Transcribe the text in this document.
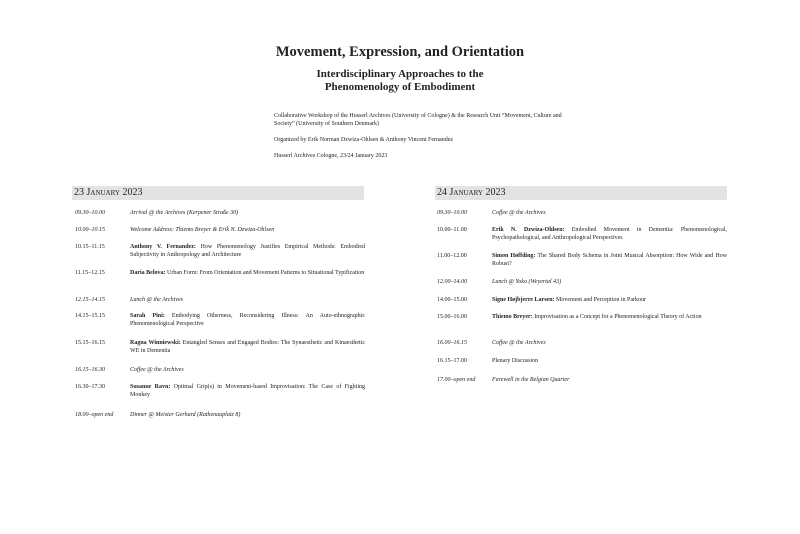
Movement, Expression, and Orientation
Interdisciplinary Approaches to the
Phenomenology of Embodiment
Collaborative Workshop of the Husserl Archives (University of Cologne) & the Research Unit “Movement, Culture and Society” (University of Southern Denmark)
Organized by Erik Norman Dzwiza-Ohlsen & Anthony Vincent Fernandez
Husserl Archives Cologne, 23/24 January 2023
23 January 2023
09.30–10.00	Arrival @ the Archives (Kerpener Straße 30)
10.00–10.15	Welcome Address: Thiemo Breyer & Erik N. Dzwiza-Ohlsen
10.15–11.15	Anthony V. Fernandez: How Phenomenology Justifies Empirical Methods: Embodied Subjectivity in Anthropology and Architecture
11.15–12.15	Daria Belova: Urban Form: From Orientation and Movement Patterns to Situational Typification
12.15–14.15	Lunch @ the Archives
14.15–15.15	Sarah Pini: Embodying Otherness, Reconsidering Illness: An Auto-ethnographic Phenomenological Perspective
15.15–16.15	Ragna Winniewski: Entangled Senses and Engaged Bodies: The Synaesthetic and Kinaesthetic WE in Dementia
16.15–16.30	Coffee @ the Archives
16.30–17.30	Susanne Ravn: Optimal Grip(s) in Movement-based Improvisation: The Case of Fighting Monkey
18.00–open end	Dinner @ Meister Gerhard (Rathenauplatz 8)
24 January 2023
09.30–10.00	Coffee @ the Archives
10.00–11.00	Erik N. Dzwiza-Ohlsen: Embodied Movement in Dementia: Phenomenological, Psychopathological, and Anthropological Perspectives
11.00–12.00	Simon Høffding: The Shared Body Schema in Joint Musical Absorption: How Wide and How Robust?
12.00–14.00	Lunch @ Yoko (Weyertal 43)
14.00–15.00	Signe Højbjerre Larsen: Movement and Perception in Parkour
15.00–16.00	Thiemo Breyer: Improvisation as a Concept for a Phenomenological Theory of Action
16.00–16.15	Coffee @ the Archives
16.15–17.00	Plenary Discussion
17.00–open end	Farewell in the Belgian Quarter
